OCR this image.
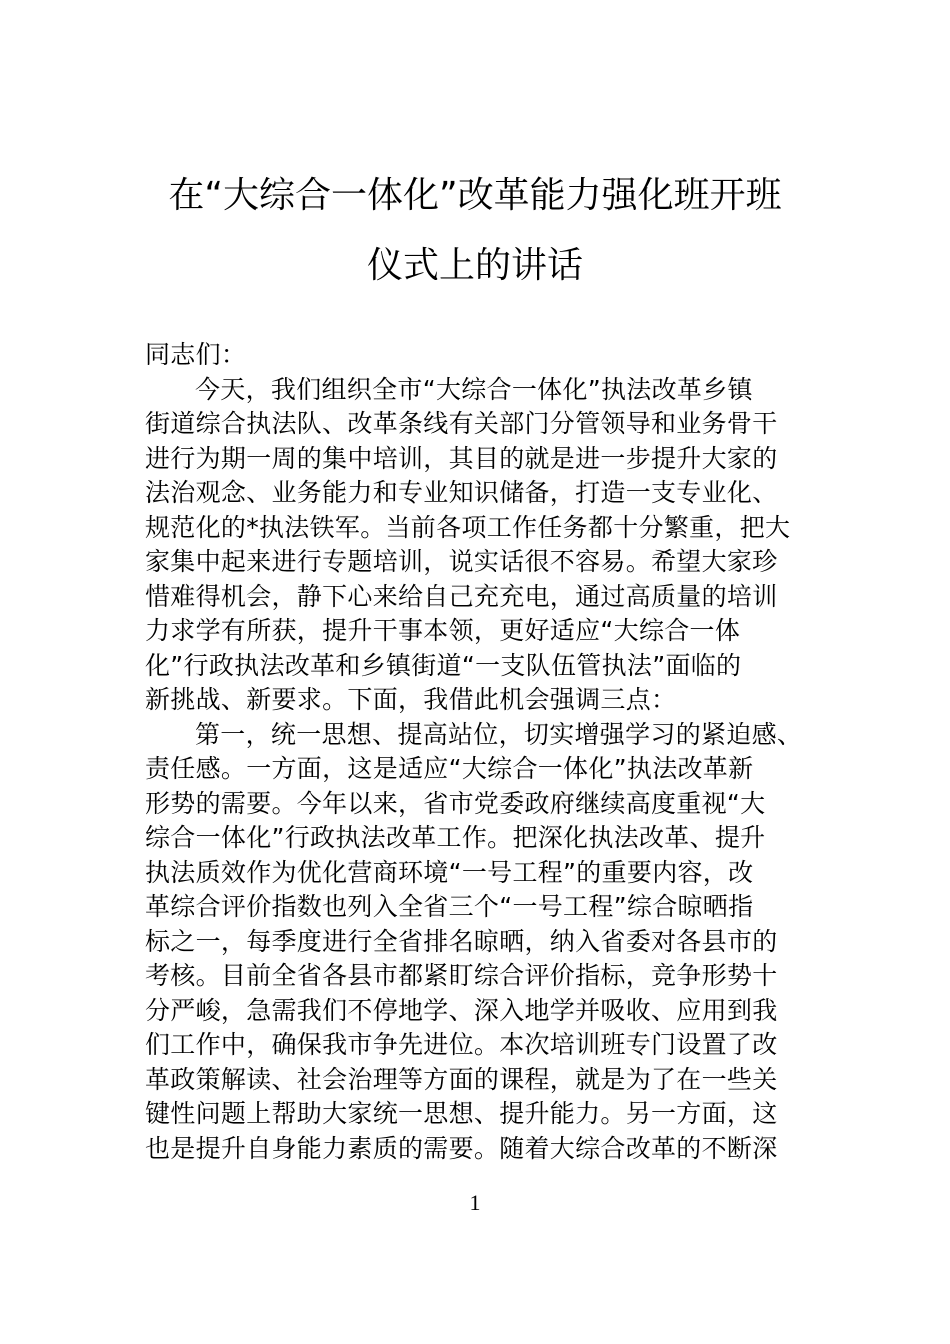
在“大综合一体化”改革能力强化班开班
仪式上的讲话
同志们：
今天，我们组织全市“大综合一体化”执法改革乡镇
街道综合执法队、改革条线有关部门分管领导和业务骨干
进行为期一周的集中培训，其目的就是进一步提升大家的
法治观念、业务能力和专业知识储备，打造一支专业化、
规范化的*执法铁军。当前各项工作任务都十分繁重，把大
家集中起来进行专题培训，说实话很不容易。希望大家珍
惜难得机会，静下心来给自己充充电，通过高质量的培训
力求学有所获，提升干事本领，更好适应“大综合一体
化”行政执法改革和乡镇街道“一支队伍管执法”面临的
新挑战、新要求。下面，我借此机会强调三点：
第一，统一思想、提高站位，切实增强学习的紧迫感、
责任感。一方面，这是适应“大综合一体化”执法改革新
形势的需要。今年以来，省市党委政府继续高度重视“大
综合一体化”行政执法改革工作。把深化执法改革、提升
执法质效作为优化营商环境“一号工程”的重要内容，改
革综合评价指数也列入全省三个“一号工程”综合晾晒指
标之一，每季度进行全省排名晾晒，纳入省委对各县市的
考核。目前全省各县市都紧盯综合评价指标，竞争形势十
分严峻，急需我们不停地学、深入地学并吸收、应用到我
们工作中，确保我市争先进位。本次培训班专门设置了改
革政策解读、社会治理等方面的课程，就是为了在一些关
键性问题上帮助大家统一思想、提升能力。另一方面，这
也是提升自身能力素质的需要。随着大综合改革的不断深
1
